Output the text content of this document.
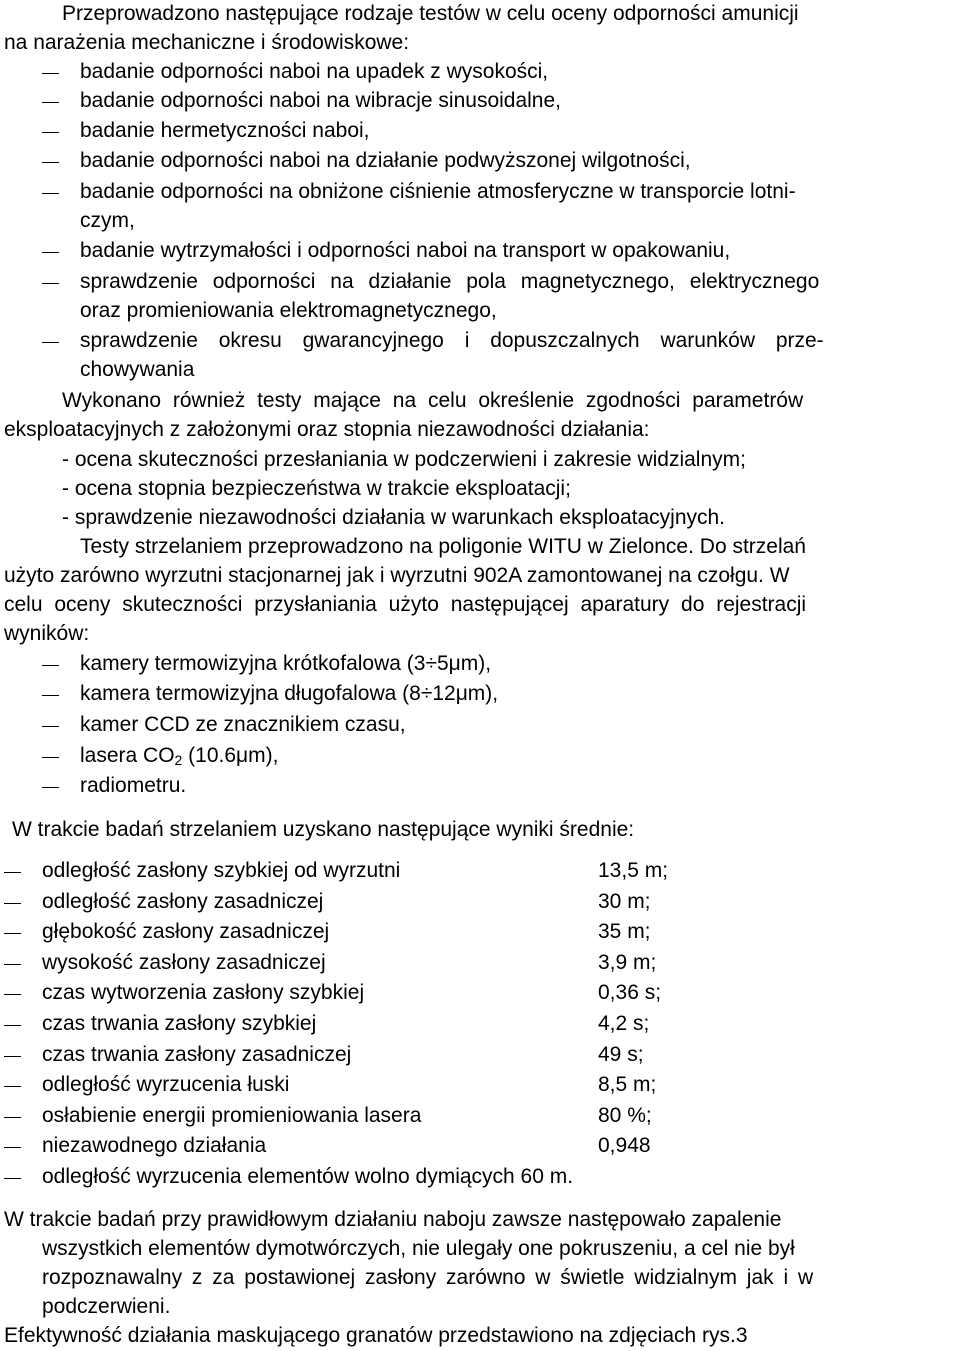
Przeprowadzono następujące rodzaje testów w celu oceny odporności amunicji
na narażenia mechaniczne i środowiskowe:
badanie odporności naboi na upadek z wysokości,
badanie odporności naboi na wibracje sinusoidalne,
badanie hermetyczności naboi,
badanie odporności naboi na działanie podwyższonej wilgotności,
badanie odporności na obniżone ciśnienie atmosferyczne w transporcie lotni-
czym,
badanie wytrzymałości i odporności naboi na transport w opakowaniu,
sprawdzenie odporności na działanie pola magnetycznego, elektrycznego
oraz promieniowania elektromagnetycznego,
sprawdzenie okresu gwarancyjnego i dopuszczalnych warunków prze-
chowywania
Wykonano również testy mające na celu określenie zgodności parametrów
eksploatacyjnych z założonymi oraz stopnia niezawodności działania:
- ocena skuteczności przesłaniania w podczerwieni i zakresie widzialnym;
- ocena stopnia bezpieczeństwa w trakcie eksploatacji;
- sprawdzenie niezawodności działania w warunkach eksploatacyjnych.
Testy strzelaniem przeprowadzono na poligonie WITU w Zielonce. Do strzelań
użyto zarówno wyrzutni stacjonarnej jak i wyrzutni 902A zamontowanej na czołgu. W
celu oceny skuteczności przysłaniania użyto następującej aparatury do rejestracji
wyników:
kamery termowizyjna krótkofalowa (3÷5μm),
kamera termowizyjna długofalowa (8÷12μm),
kamer CCD ze znacznikiem czasu,
lasera $CO_2$ (10.6μm),
radiometru.
W trakcie badań strzelaniem uzyskano następujące wyniki średnie:
odległość zasłony szybkiej od wyrzutni	13,5 m;
odległość zasłony zasadniczej	30 m;
głębokość zasłony zasadniczej	35 m;
wysokość zasłony zasadniczej	3,9 m;
czas wytworzenia zasłony szybkiej	0,36 s;
czas trwania zasłony szybkiej	4,2 s;
czas trwania zasłony zasadniczej	49 s;
odległość wyrzucenia łuski	8,5 m;
osłabienie energii promieniowania lasera	80 %;
niezawodnego działania	0,948
odległość wyrzucenia elementów wolno dymiących 60 m.
W trakcie badań przy prawidłowym działaniu naboju zawsze następowało zapalenie
wszystkich elementów dymotwórczych, nie ulegały one pokruszeniu, a cel nie był
rozpoznawalny z za postawionej zasłony zarówno w świetle widzialnym jak i w
podczerwieni.
Efektywność działania maskującego granatów przedstawiono na zdjęciach rys.3
